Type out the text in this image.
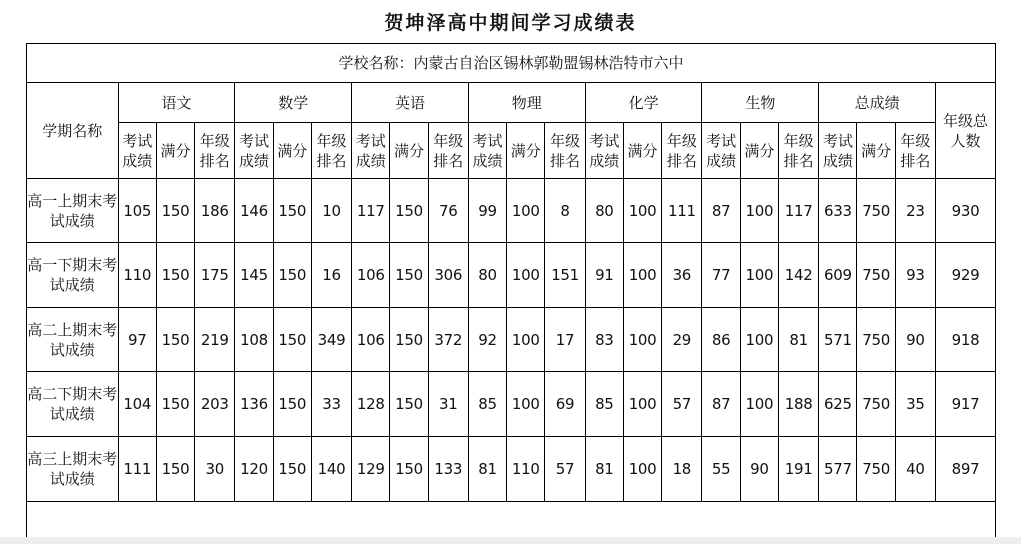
贺坤泽高中期间学习成绩表
学校名称：内蒙古自治区锡林郭勒盟锡林浩特市六中																						
学期名称	语文			数学			英语			物理			化学			生物			总成绩			年级总人数
	考试成绩	满分	年级排名	考试成绩	满分	年级排名	考试成绩	满分	年级排名	考试成绩	满分	年级排名	考试成绩	满分	年级排名	考试成绩	满分	年级排名	考试成绩	满分	年级排名	
高一上期末考试成绩	105	150	186	146	150	10	117	150	76	99	100	8	80	100	111	87	100	117	633	750	23	930
高一下期末考试成绩	110	150	175	145	150	16	106	150	306	80	100	151	91	100	36	77	100	142	609	750	93	929
高二上期末考试成绩	97	150	219	108	150	349	106	150	372	92	100	17	83	100	29	86	100	81	571	750	90	918
高二下期末考试成绩	104	150	203	136	150	33	128	150	31	85	100	69	85	100	57	87	100	188	625	750	35	917
高三上期末考试成绩	111	150	30	120	150	140	129	150	133	81	110	57	81	100	18	55	90	191	577	750	40	897
